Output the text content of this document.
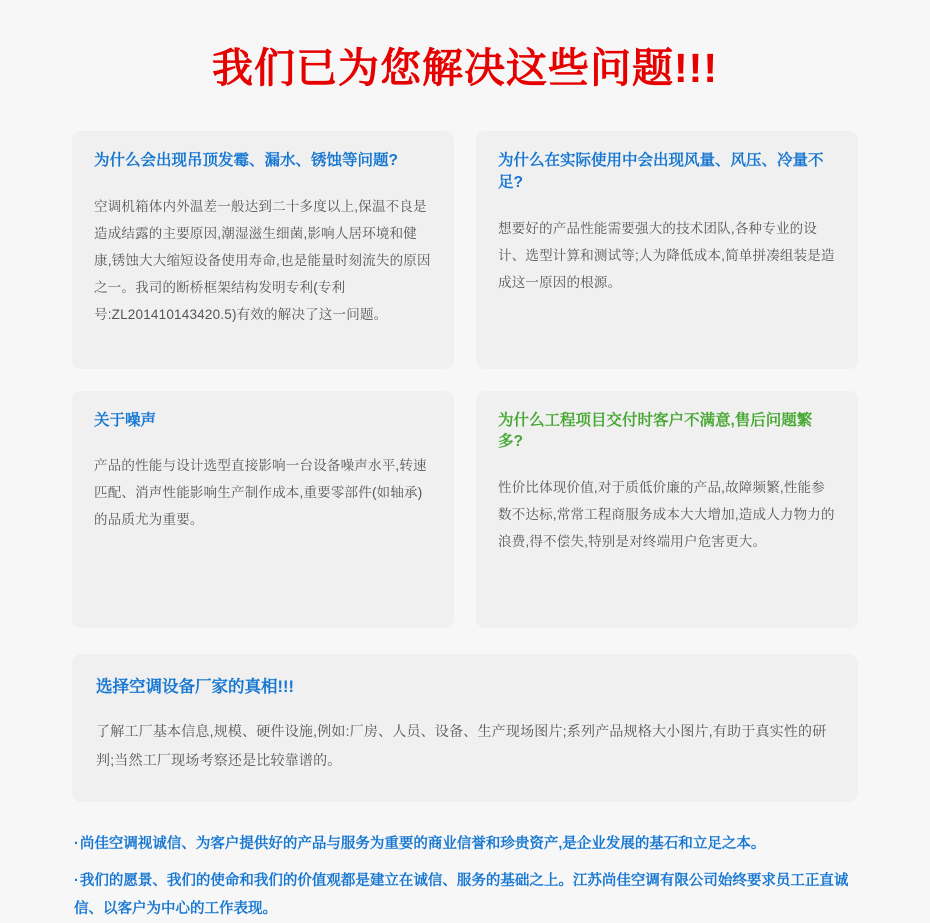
我们已为您解决这些问题!!!
为什么会出现吊顶发霉、漏水、锈蚀等问题?
空调机箱体内外温差一般达到二十多度以上,保温不良是造成结露的主要原因,潮湿滋生细菌,影响人居环境和健康,锈蚀大大缩短设备使用寿命,也是能量时刻流失的原因之一。我司的断桥框架结构发明专利(专利号:ZL201410143420.5)有效的解决了这一问题。
为什么在实际使用中会出现风量、风压、冷量不足?
想要好的产品性能需要强大的技术团队,各种专业的设计、选型计算和测试等;人为降低成本,简单拼凑组装是造成这一原因的根源。
关于噪声
产品的性能与设计选型直接影响一台设备噪声水平,转速匹配、消声性能影响生产制作成本,重要零部件(如轴承)的品质尤为重要。
为什么工程项目交付时客户不满意,售后问题繁多?
性价比体现价值,对于质低价廉的产品,故障频繁,性能参数不达标,常常工程商服务成本大大增加,造成人力物力的浪费,得不偿失,特别是对终端用户危害更大。
选择空调设备厂家的真相!!!
了解工厂基本信息,规模、硬件设施,例如:厂房、人员、设备、生产现场图片;系列产品规格大小图片,有助于真实性的研判;当然工厂现场考察还是比较靠谱的。
·尚佳空调视诚信、为客户提供好的产品与服务为重要的商业信誉和珍贵资产,是企业发展的基石和立足之本。
·我们的愿景、我们的使命和我们的价值观都是建立在诚信、服务的基础之上。江苏尚佳空调有限公司始终要求员工正直诚信、以客户为中心的工作表现。
